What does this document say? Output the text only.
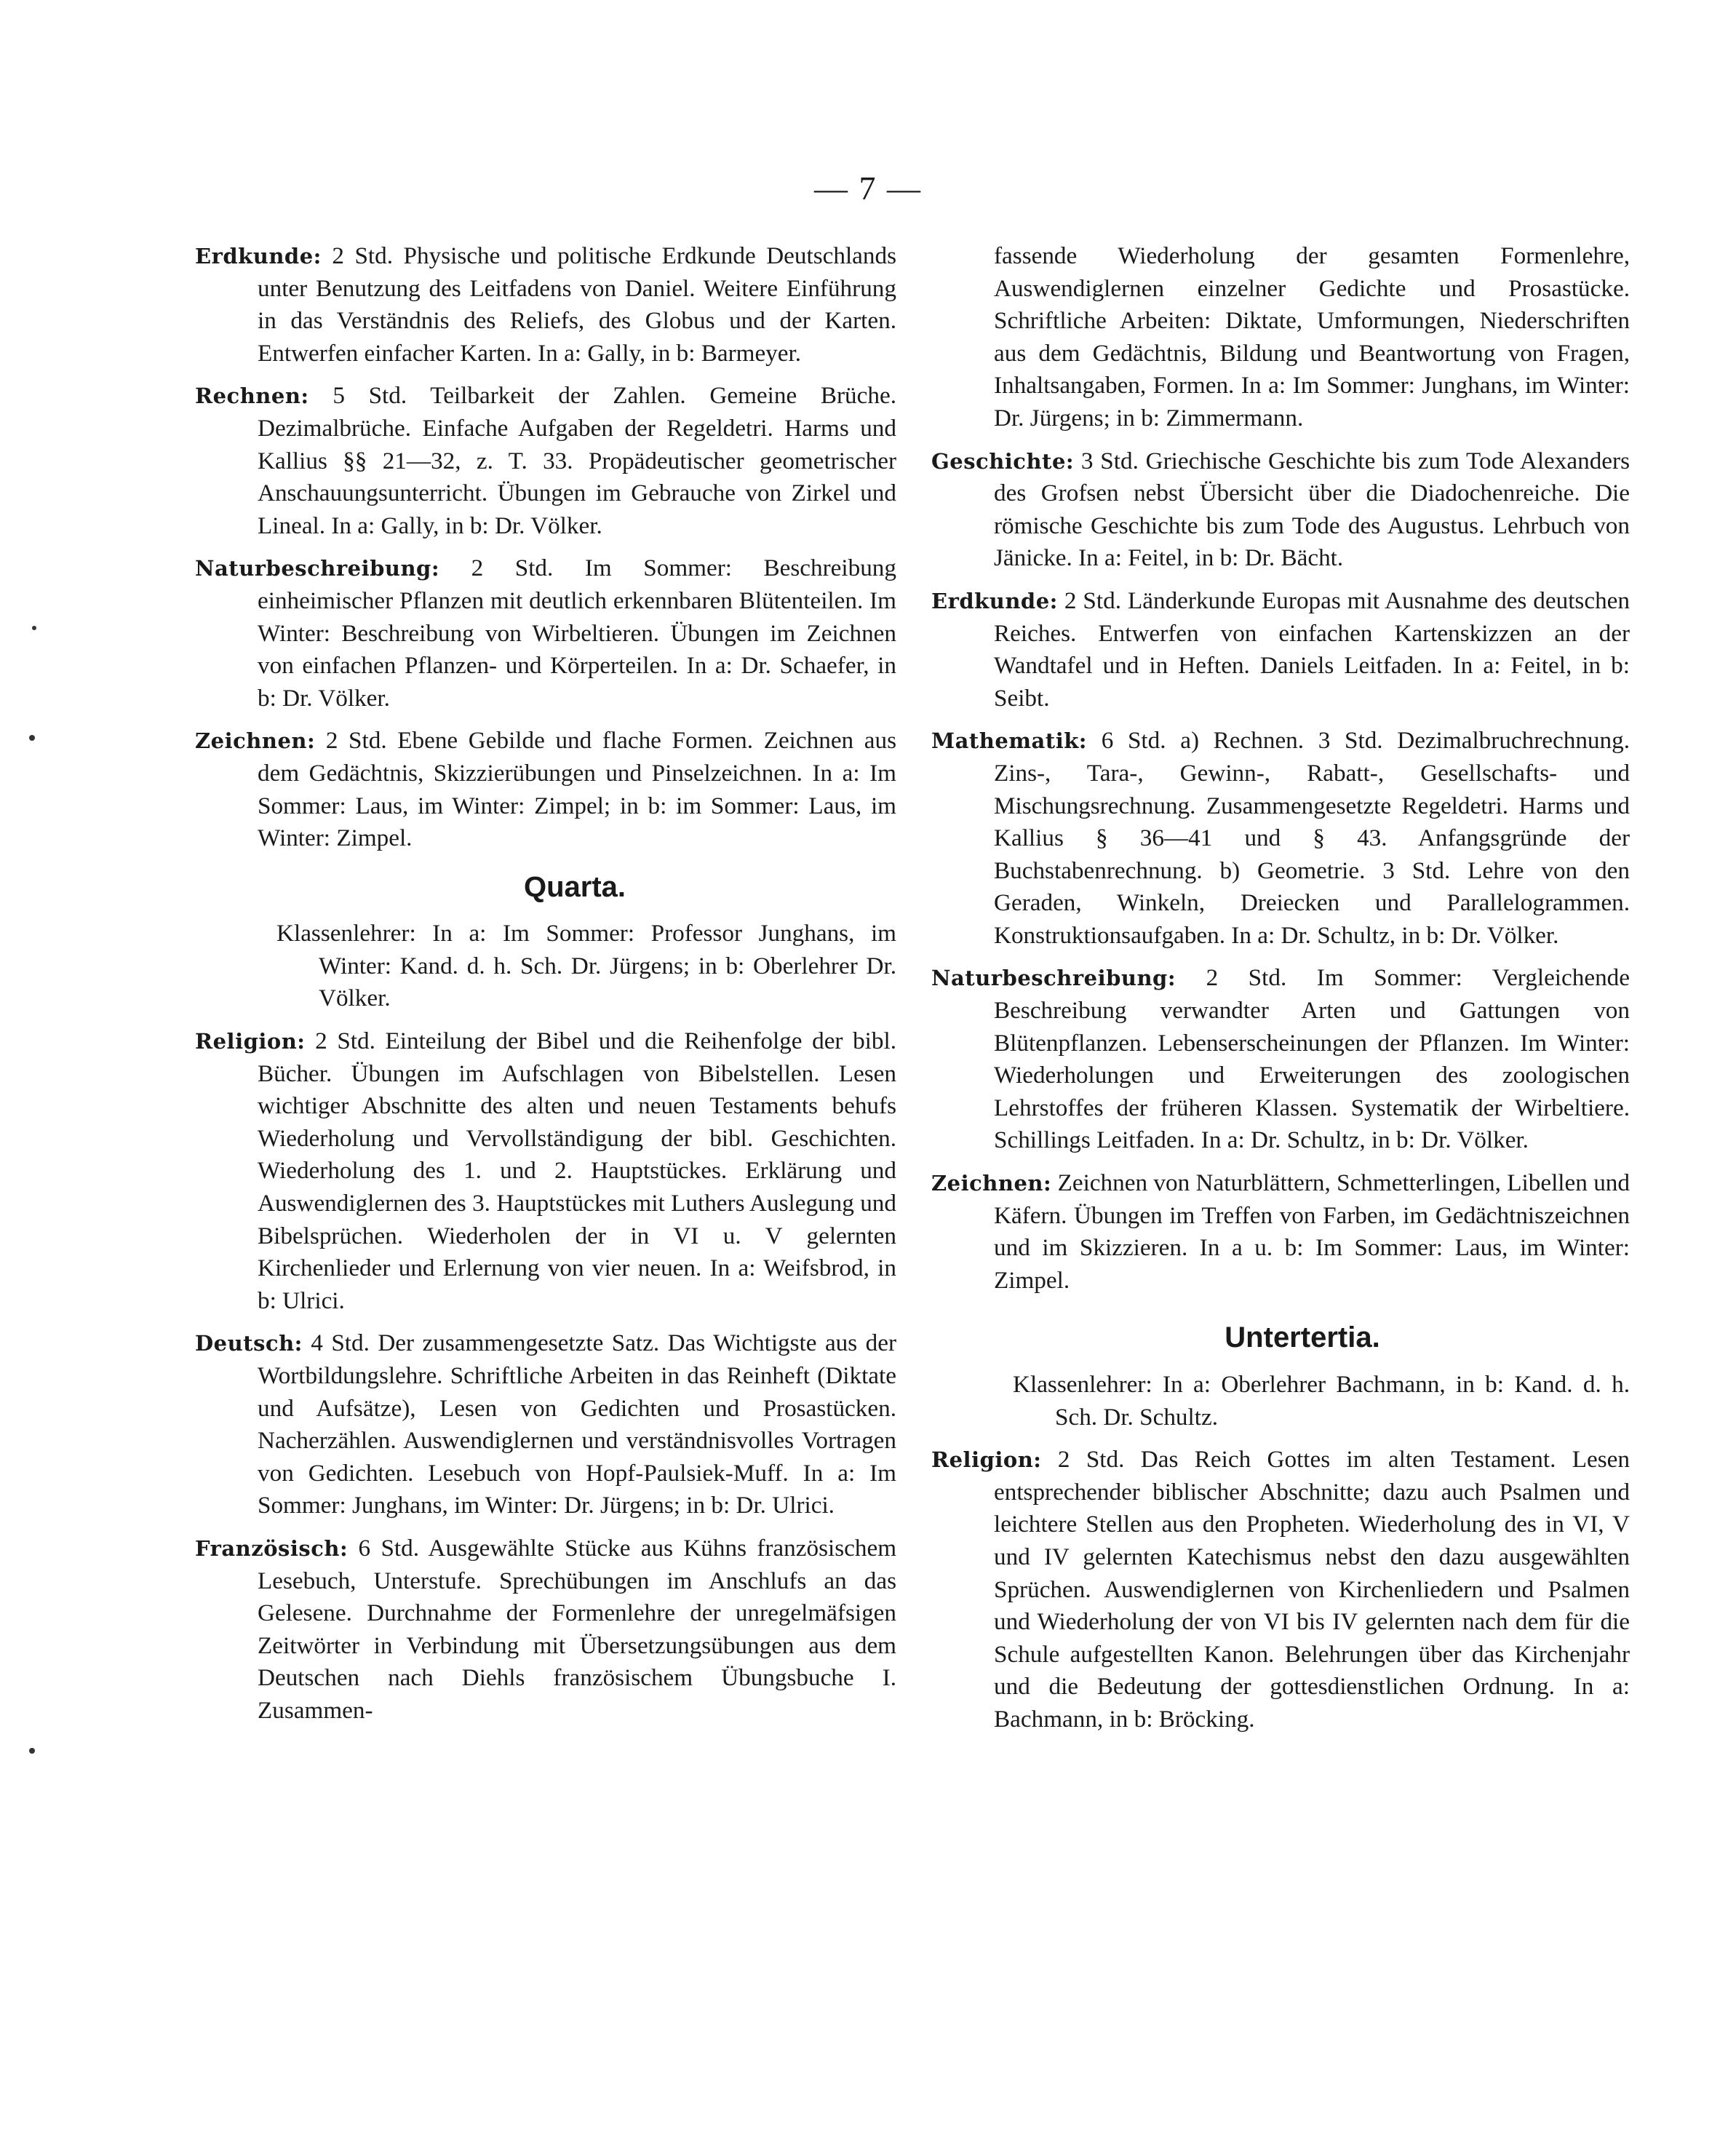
— 7 —

Erdkunde: 2 Std. Physische und politische Erdkunde Deutschlands unter Benutzung des Leitfadens von Daniel. Weitere Einführung in das Verständnis des Reliefs, des Globus und der Karten. Entwerfen einfacher Karten. In a: Gally, in b: Barmeyer.

Rechnen: 5 Std. Teilbarkeit der Zahlen. Gemeine Brüche. Dezimalbrüche. Einfache Aufgaben der Regeldetri. Harms und Kallius §§ 21—32, z. T. 33. Propädeutischer geometrischer Anschauungsunterricht. Übungen im Gebrauche von Zirkel und Lineal. In a: Gally, in b: Dr. Völker.

Naturbeschreibung: 2 Std. Im Sommer: Beschreibung einheimischer Pflanzen mit deutlich erkennbaren Blütenteilen. Im Winter: Beschreibung von Wirbeltieren. Übungen im Zeichnen von einfachen Pflanzen- und Körperteilen. In a: Dr. Schaefer, in b: Dr. Völker.

Zeichnen: 2 Std. Ebene Gebilde und flache Formen. Zeichnen aus dem Gedächtnis, Skizzierübungen und Pinselzeichnen. In a: Im Sommer: Laus, im Winter: Zimpel; in b: im Sommer: Laus, im Winter: Zimpel.

Quarta.

Klassenlehrer: In a: Im Sommer: Professor Junghans, im Winter: Kand. d. h. Sch. Dr. Jürgens; in b: Oberlehrer Dr. Völker.

Religion: 2 Std. Einteilung der Bibel und die Reihenfolge der bibl. Bücher. Übungen im Aufschlagen von Bibelstellen. Lesen wichtiger Abschnitte des alten und neuen Testaments behufs Wiederholung und Vervollständigung der bibl. Geschichten. Wiederholung des 1. und 2. Hauptstückes. Erklärung und Auswendiglernen des 3. Hauptstückes mit Luthers Auslegung und Bibelsprüchen. Wiederholen der in VI u. V gelernten Kirchenlieder und Erlernung von vier neuen. In a: Weifsbrod, in b: Ulrici.

Deutsch: 4 Std. Der zusammengesetzte Satz. Das Wichtigste aus der Wortbildungslehre. Schriftliche Arbeiten in das Reinheft (Diktate und Aufsätze), Lesen von Gedichten und Prosastücken. Nacherzählen. Auswendiglernen und verständnisvolles Vortragen von Gedichten. Lesebuch von Hopf-Paulsiek-Muff. In a: Im Sommer: Junghans, im Winter: Dr. Jürgens; in b: Dr. Ulrici.

Französisch: 6 Std. Ausgewählte Stücke aus Kühns französischem Lesebuch, Unterstufe. Sprechübungen im Anschlufs an das Gelesene. Durchnahme der Formenlehre der unregelmäfsigen Zeitwörter in Verbindung mit Übersetzungsübungen aus dem Deutschen nach Diehls französischem Übungsbuche I. Zusammen-

fassende Wiederholung der gesamten Formenlehre, Auswendiglernen einzelner Gedichte und Prosastücke. Schriftliche Arbeiten: Diktate, Umformungen, Niederschriften aus dem Gedächtnis, Bildung und Beantwortung von Fragen, Inhaltsangaben, Formen. In a: Im Sommer: Junghans, im Winter: Dr. Jürgens; in b: Zimmermann.

Geschichte: 3 Std. Griechische Geschichte bis zum Tode Alexanders des Grofsen nebst Übersicht über die Diadochenreiche. Die römische Geschichte bis zum Tode des Augustus. Lehrbuch von Jänicke. In a: Feitel, in b: Dr. Bächt.

Erdkunde: 2 Std. Länderkunde Europas mit Ausnahme des deutschen Reiches. Entwerfen von einfachen Kartenskizzen an der Wandtafel und in Heften. Daniels Leitfaden. In a: Feitel, in b: Seibt.

Mathematik: 6 Std. a) Rechnen. 3 Std. Dezimalbruchrechnung. Zins-, Tara-, Gewinn-, Rabatt-, Gesellschafts- und Mischungsrechnung. Zusammengesetzte Regeldetri. Harms und Kallius § 36—41 und § 43. Anfangsgründe der Buchstabenrechnung. b) Geometrie. 3 Std. Lehre von den Geraden, Winkeln, Dreiecken und Parallelogrammen. Konstruktionsaufgaben. In a: Dr. Schultz, in b: Dr. Völker.

Naturbeschreibung: 2 Std. Im Sommer: Vergleichende Beschreibung verwandter Arten und Gattungen von Blütenpflanzen. Lebenserscheinungen der Pflanzen. Im Winter: Wiederholungen und Erweiterungen des zoologischen Lehrstoffes der früheren Klassen. Systematik der Wirbeltiere. Schillings Leitfaden. In a: Dr. Schultz, in b: Dr. Völker.

Zeichnen: Zeichnen von Naturblättern, Schmetterlingen, Libellen und Käfern. Übungen im Treffen von Farben, im Gedächtniszeichnen und im Skizzieren. In a u. b: Im Sommer: Laus, im Winter: Zimpel.

Untertertia.

Klassenlehrer: In a: Oberlehrer Bachmann, in b: Kand. d. h. Sch. Dr. Schultz.

Religion: 2 Std. Das Reich Gottes im alten Testament. Lesen entsprechender biblischer Abschnitte; dazu auch Psalmen und leichtere Stellen aus den Propheten. Wiederholung des in VI, V und IV gelernten Katechismus nebst den dazu ausgewählten Sprüchen. Auswendiglernen von Kirchenliedern und Psalmen und Wiederholung der von VI bis IV gelernten nach dem für die Schule aufgestellten Kanon. Belehrungen über das Kirchenjahr und die Bedeutung der gottesdienstlichen Ordnung. In a: Bachmann, in b: Bröcking.
